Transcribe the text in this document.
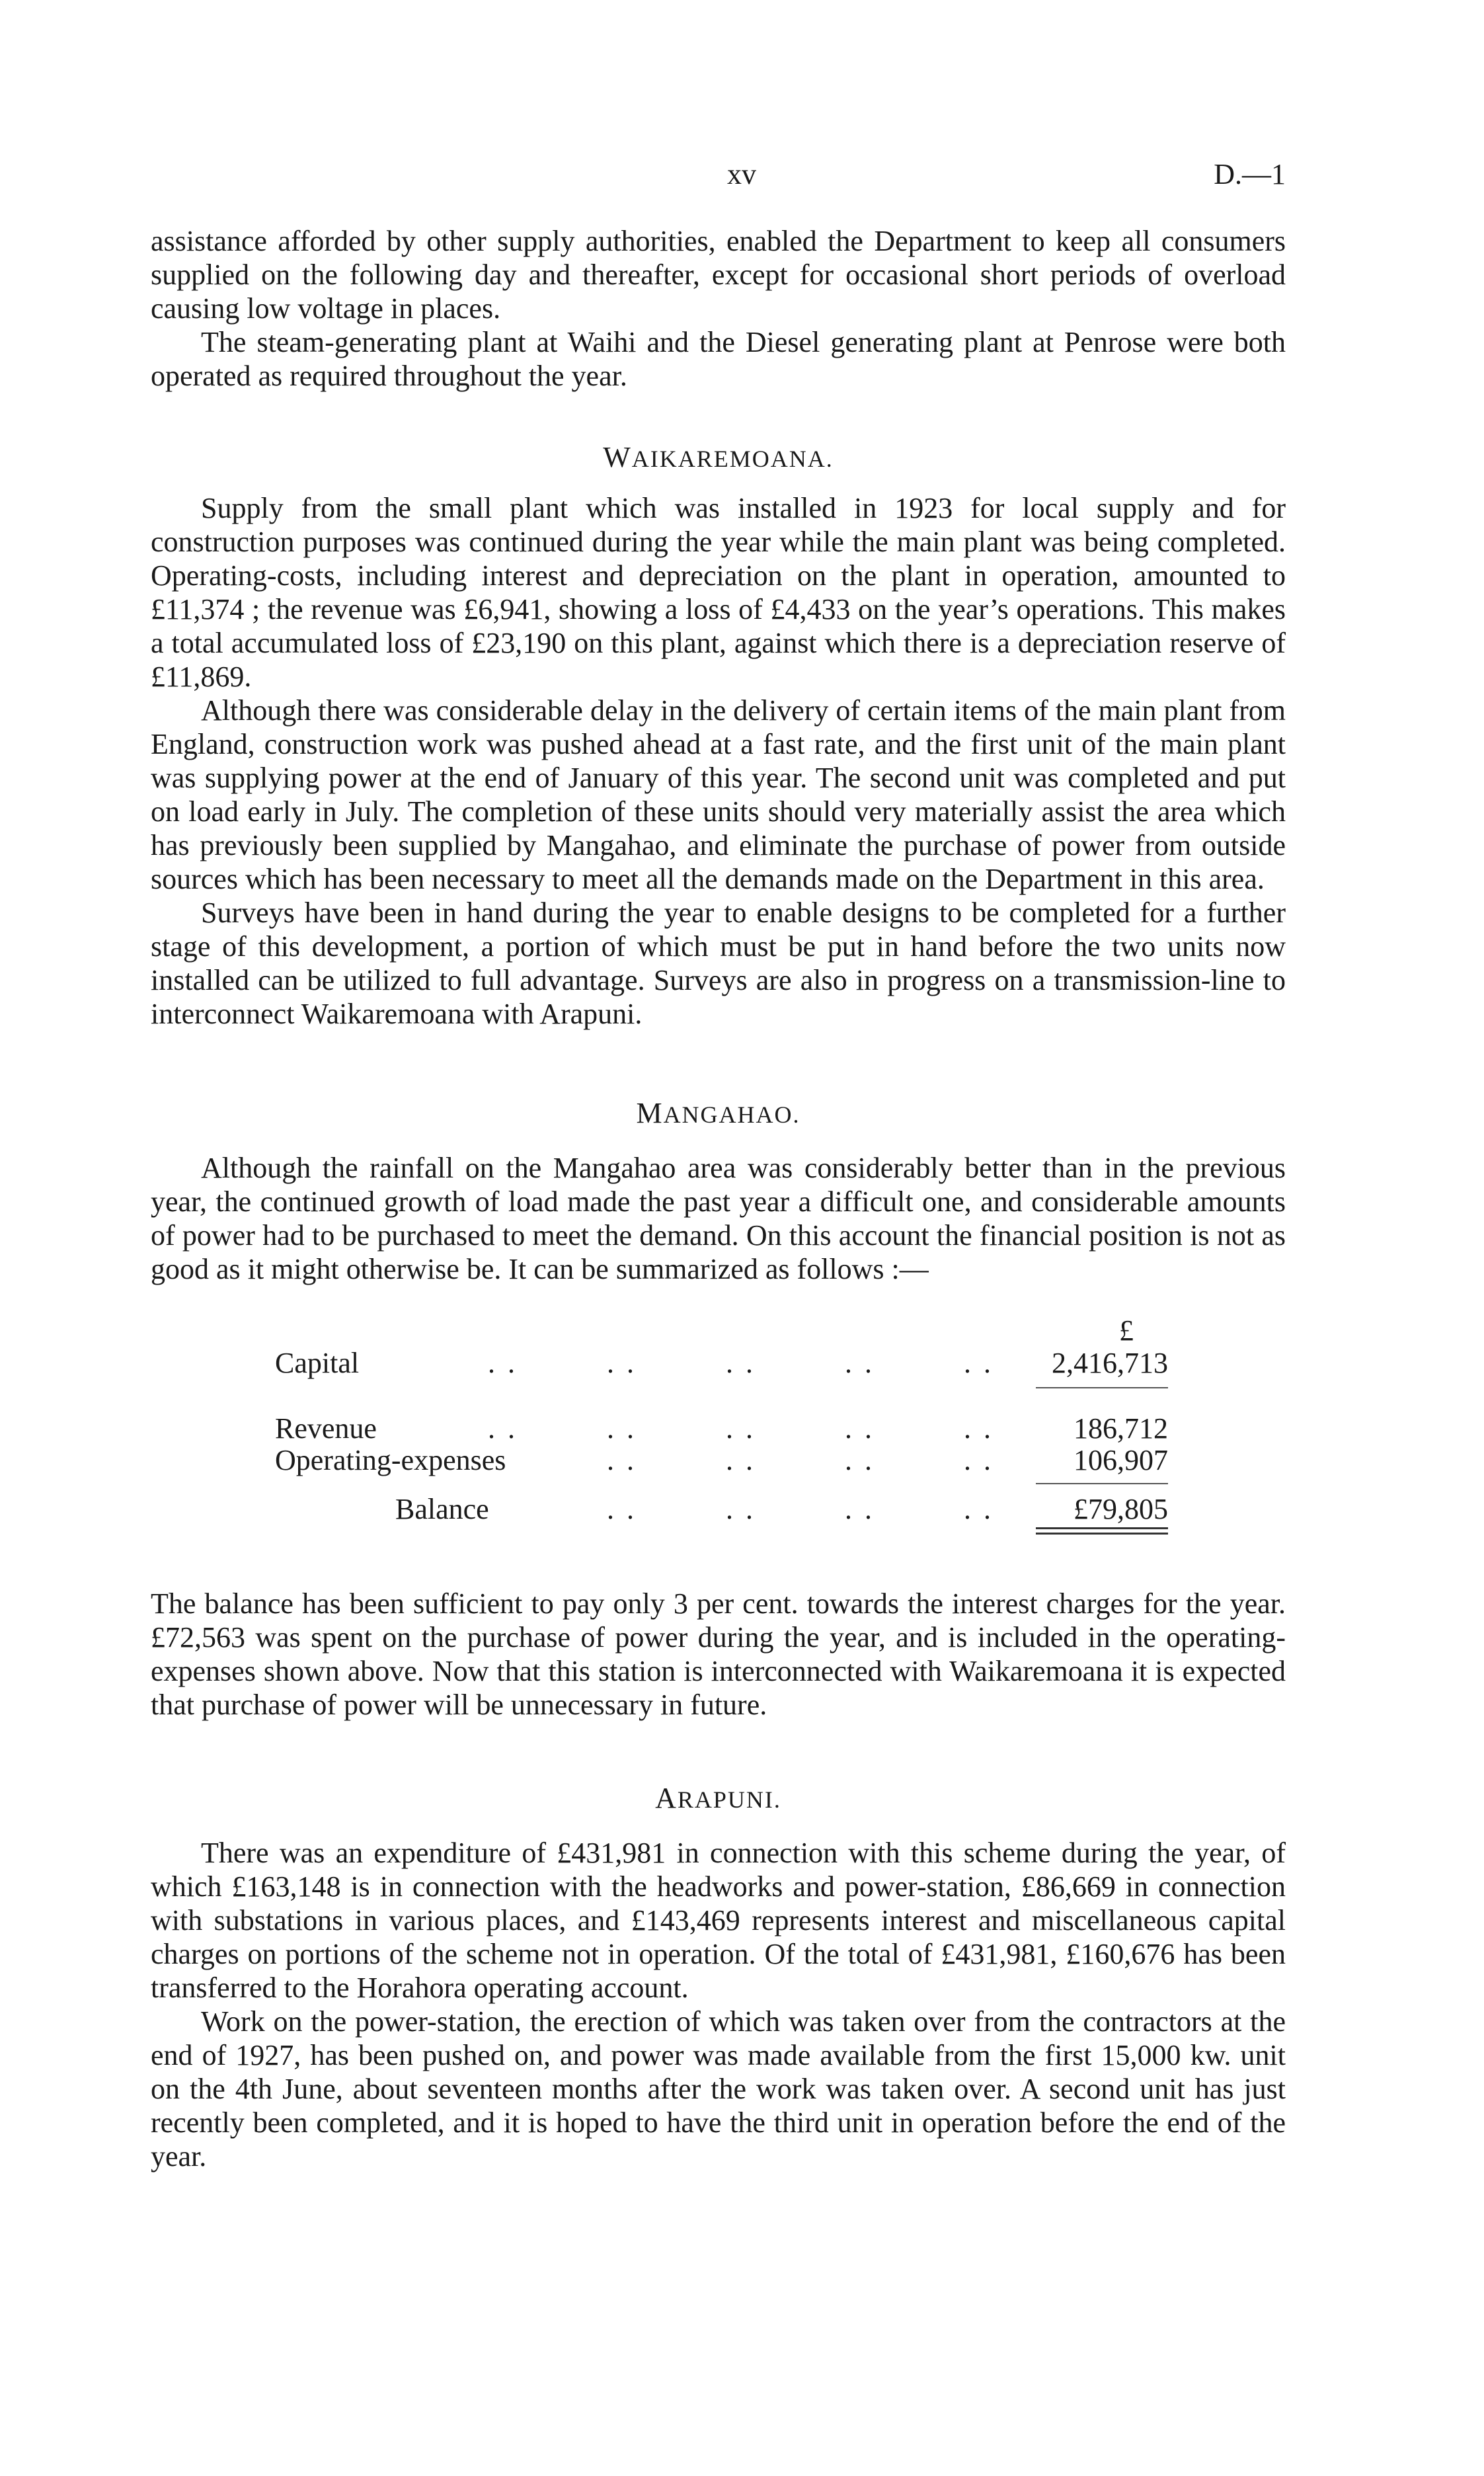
xv	D.—1

assistance afforded by other supply authorities, enabled the Department to keep all consumers supplied on the following day and thereafter, except for occasional short periods of overload causing low voltage in places.

The steam-generating plant at Waihi and the Diesel generating plant at Penrose were both operated as required throughout the year.

WAIKAREMOANA.

Supply from the small plant which was installed in 1923 for local supply and for construction purposes was continued during the year while the main plant was being completed. Operating-costs, including interest and depreciation on the plant in operation, amounted to £11,374 ; the revenue was £6,941, showing a loss of £4,433 on the year’s operations. This makes a total accumulated loss of £23,190 on this plant, against which there is a depreciation reserve of £11,869.

Although there was considerable delay in the delivery of certain items of the main plant from England, construction work was pushed ahead at a fast rate, and the first unit of the main plant was supplying power at the end of January of this year. The second unit was completed and put on load early in July. The completion of these units should very materially assist the area which has previously been supplied by Mangahao, and eliminate the purchase of power from outside sources which has been necessary to meet all the demands made on the Department in this area.

Surveys have been in hand during the year to enable designs to be completed for a further stage of this development, a portion of which must be put in hand before the two units now installed can be utilized to full advantage. Surveys are also in progress on a transmission-line to interconnect Waikaremoana with Arapuni.

MANGAHAO.

Although the rainfall on the Mangahao area was considerably better than in the previous year, the continued growth of load made the past year a difficult one, and considerable amounts of power had to be purchased to meet the demand. On this account the financial position is not as good as it might otherwise be. It can be summarized as follows :—

£
Capital	. .	. .	. .	. .	. . 2,416,713
Revenue	. .	. .	. .	. .	. .	186,712
Operating-expenses	. .	. .	. .	. .	106,907
Balance	. .	. .	. .	. .	£79,805

The balance has been sufficient to pay only 3 per cent. towards the interest charges for the year. £72,563 was spent on the purchase of power during the year, and is included in the operating-expenses shown above. Now that this station is interconnected with Waikaremoana it is expected that purchase of power will be unnecessary in future.

ARAPUNI.

There was an expenditure of £431,981 in connection with this scheme during the year, of which £163,148 is in connection with the headworks and power-station, £86,669 in connection with substations in various places, and £143,469 represents interest and miscellaneous capital charges on portions of the scheme not in operation. Of the total of £431,981, £160,676 has been transferred to the Horahora operating account.

Work on the power-station, the erection of which was taken over from the contractors at the end of 1927, has been pushed on, and power was made available from the first 15,000 kw. unit on the 4th June, about seventeen months after the work was taken over. A second unit has just recently been completed, and it is hoped to have the third unit in operation before the end of the year.
